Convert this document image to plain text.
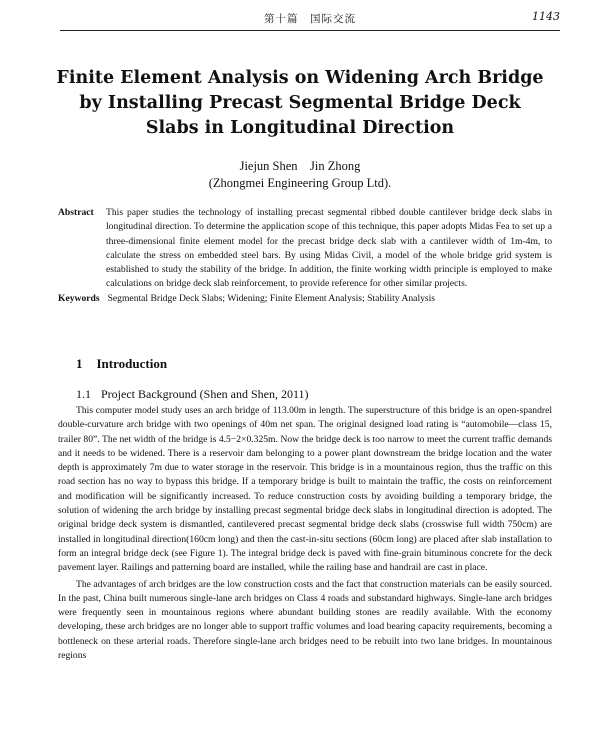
第十篇　国际交流	1143
Finite Element Analysis on Widening Arch Bridge
by Installing Precast Segmental Bridge Deck
Slabs in Longitudinal Direction
Jiejun Shen　Jin Zhong
(Zhongmei Engineering Group Ltd).
Abstract This paper studies the technology of installing precast segmental ribbed double cantilever bridge deck slabs in longitudinal direction. To determine the application scope of this technique, this paper adopts Midas Fea to set up a three-dimensional finite element model for the precast bridge deck slab with a cantilever width of 1m-4m, to calculate the stress on embedded steel bars. By using Midas Civil, a model of the whole bridge grid system is established to study the stability of the bridge. In addition, the finite working width principle is employed to make calculations on bridge deck slab reinforcement, to provide reference for other similar projects.
Keywords Segmental Bridge Deck Slabs; Widening; Finite Element Analysis; Stability Analysis
1 Introduction
1.1 Project Background (Shen and Shen, 2011)

This computer model study uses an arch bridge of 113.00m in length. The superstructure of this bridge is an open-spandrel double-curvature arch bridge with two openings of 40m net span. The original designed load rating is “automobile—class 15, trailer 80”. The net width of the bridge is 4.5−2×0.325m. Now the bridge deck is too narrow to meet the current traffic demands and it needs to be widened. There is a reservoir dam belonging to a power plant downstream the bridge location and the water depth is approximately 7m due to water storage in the reservoir. This bridge is in a mountainous region, thus the traffic on this road section has no way to bypass this bridge. If a temporary bridge is built to maintain the traffic, the costs on reinforcement and modification will be significantly increased. To reduce construction costs by avoiding building a temporary bridge, the solution of widening the arch bridge by installing precast segmental bridge deck slabs in longitudinal direction is adopted. The original bridge deck system is dismantled, cantilevered precast segmental bridge deck slabs (crosswise full width 750cm) are installed in longitudinal direction(160cm long) and then the cast-in-situ sections (60cm long) are placed after slab installation to form an integral bridge deck (see Figure 1). The integral bridge deck is paved with fine-grain bituminous concrete for the deck pavement layer. Railings and patterning board are installed, while the railing base and handrail are cast in place.

The advantages of arch bridges are the low construction costs and the fact that construction materials can be easily sourced. In the past, China built numerous single-lane arch bridges on Class 4 roads and substandard highways. Single-lane arch bridges were frequently seen in mountainous regions where abundant building stones are readily available. With the economy developing, these arch bridges are no longer able to support traffic volumes and load bearing capacity requirements, becoming a bottleneck on these arterial roads. Therefore single-lane arch bridges need to be rebuilt into two lane bridges. In mountainous regions
